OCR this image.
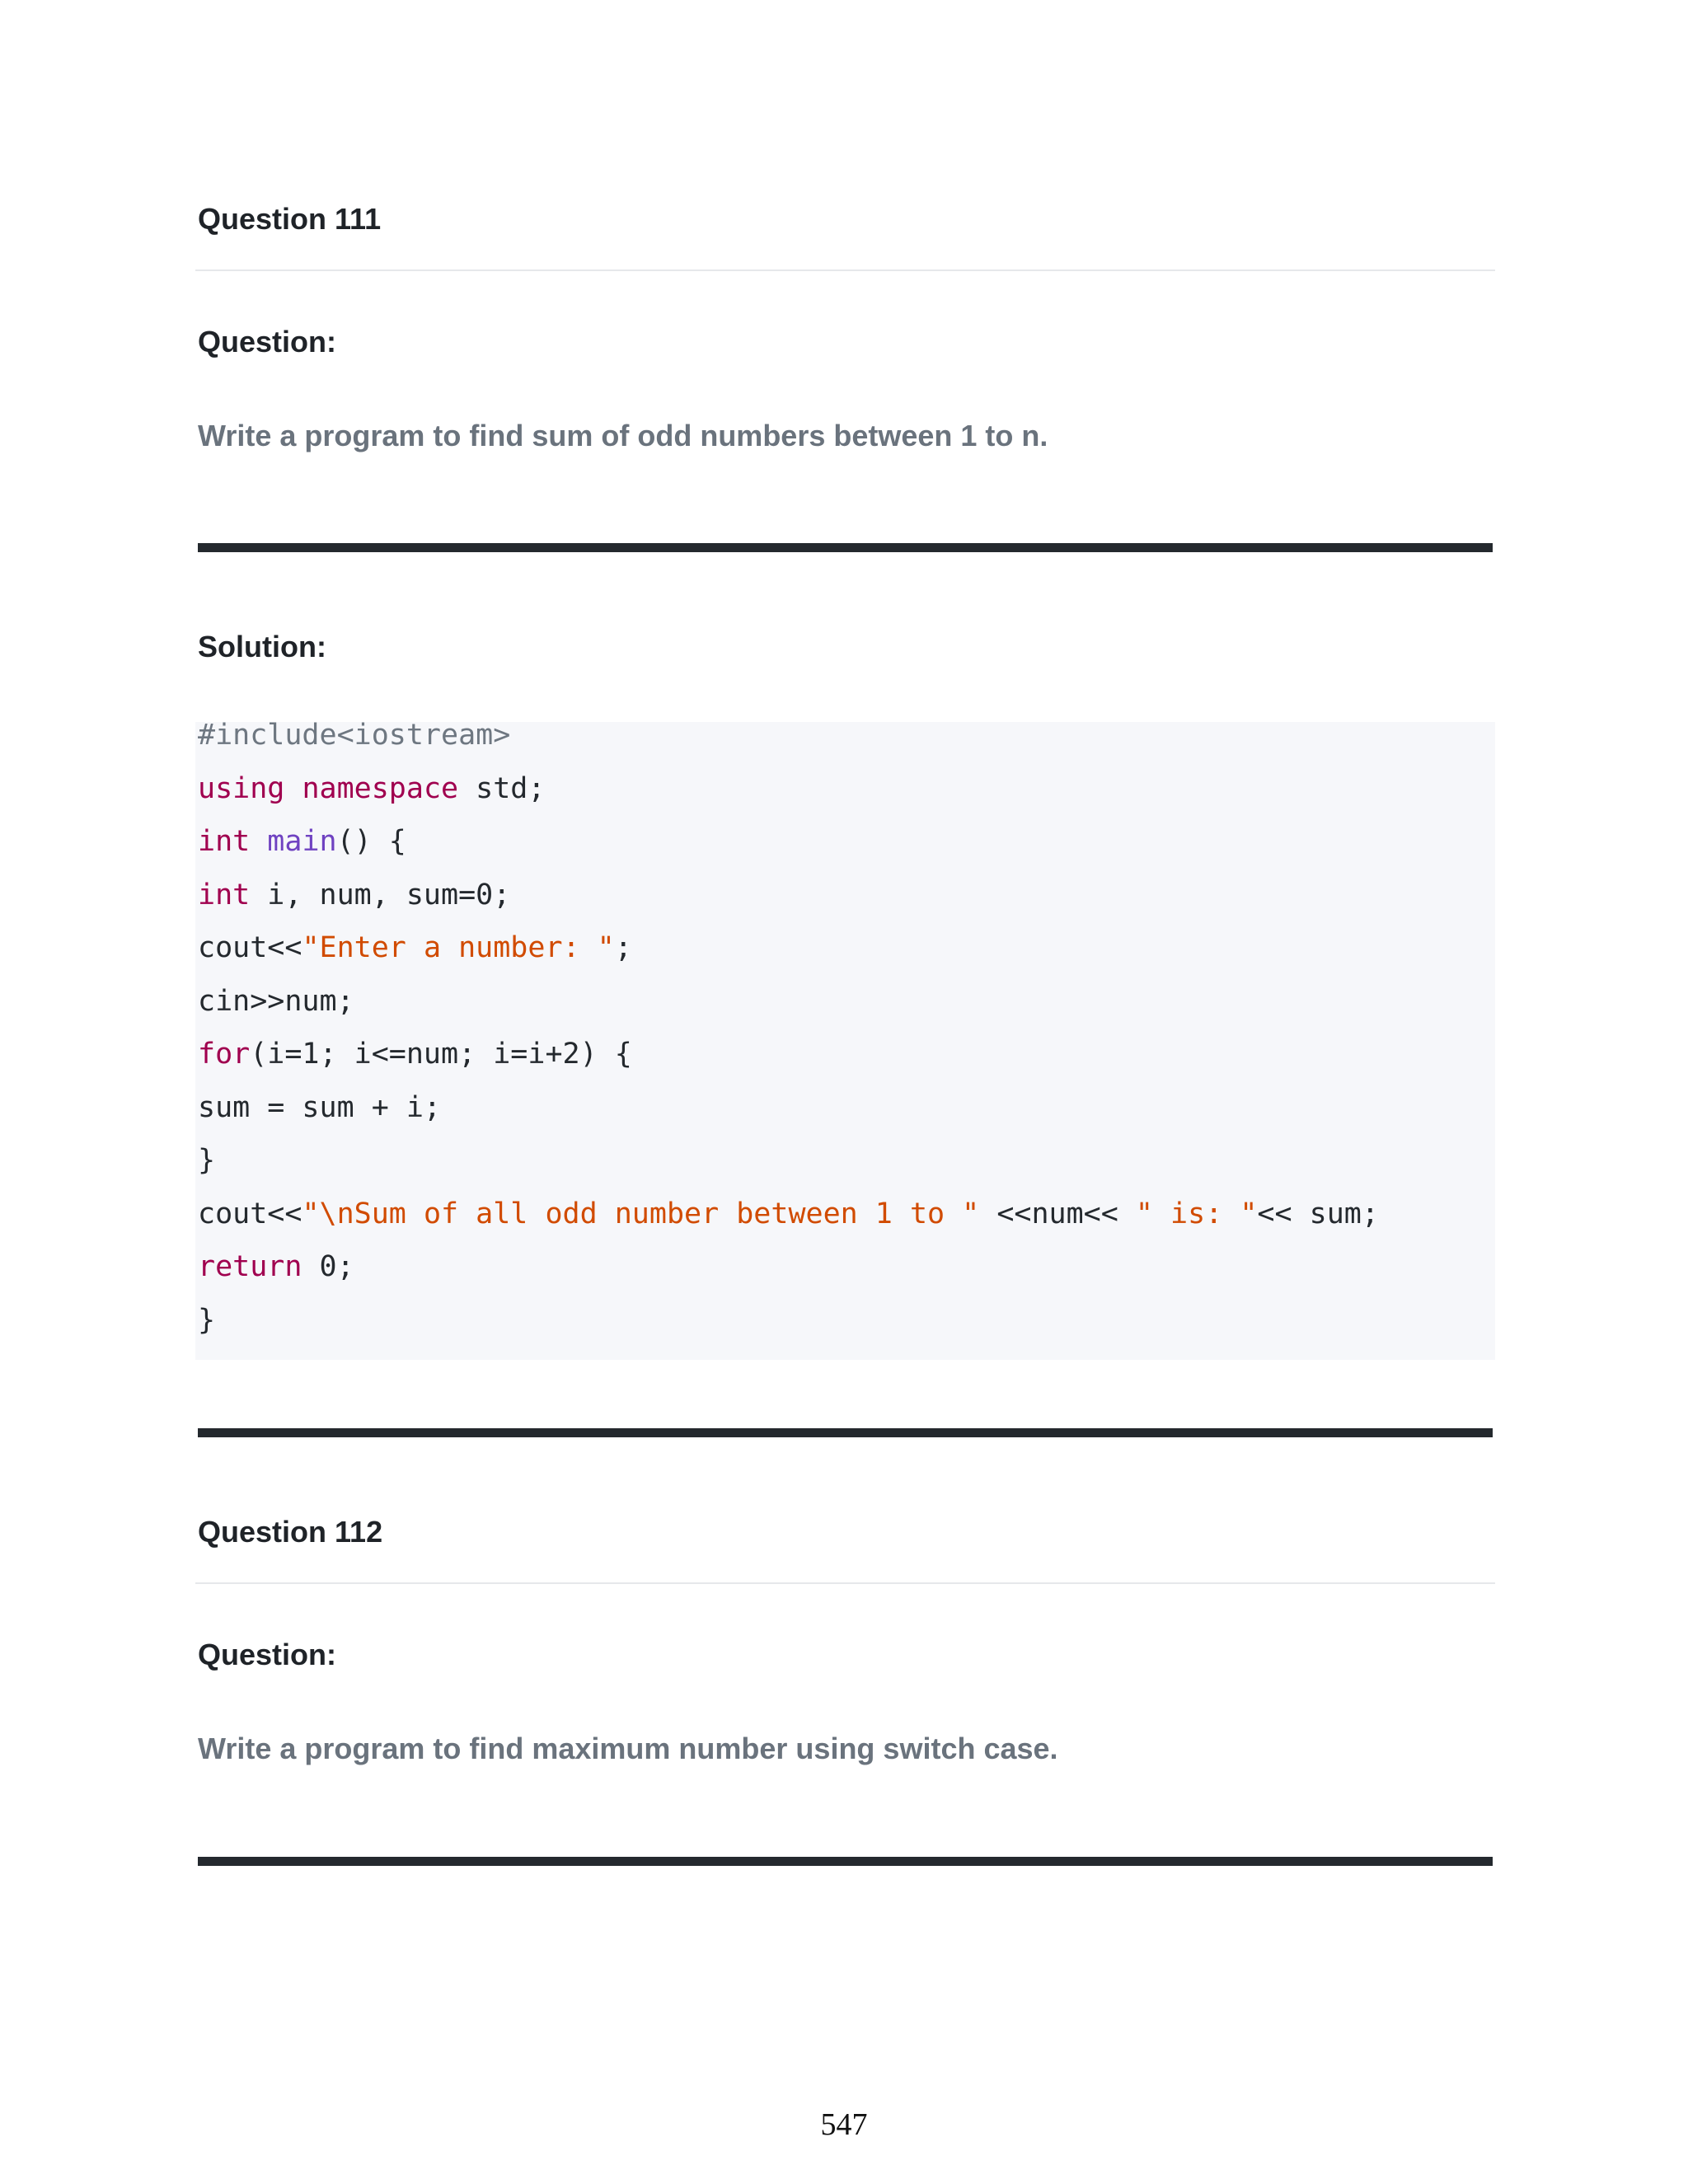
Question 111
Question:

Write a program to find sum of odd numbers between 1 to n.

Solution:
#include<iostream>
using namespace std;
int main() {
int i, num, sum=0;
cout<<"Enter a number: ";
cin>>num;
for(i=1; i<=num; i=i+2) {
sum = sum + i;
}
cout<<"\nSum of all odd number between 1 to " <<num<< " is: "<< sum;
return 0;
}
Question 112
Question:

Write a program to find maximum number using switch case.

547
